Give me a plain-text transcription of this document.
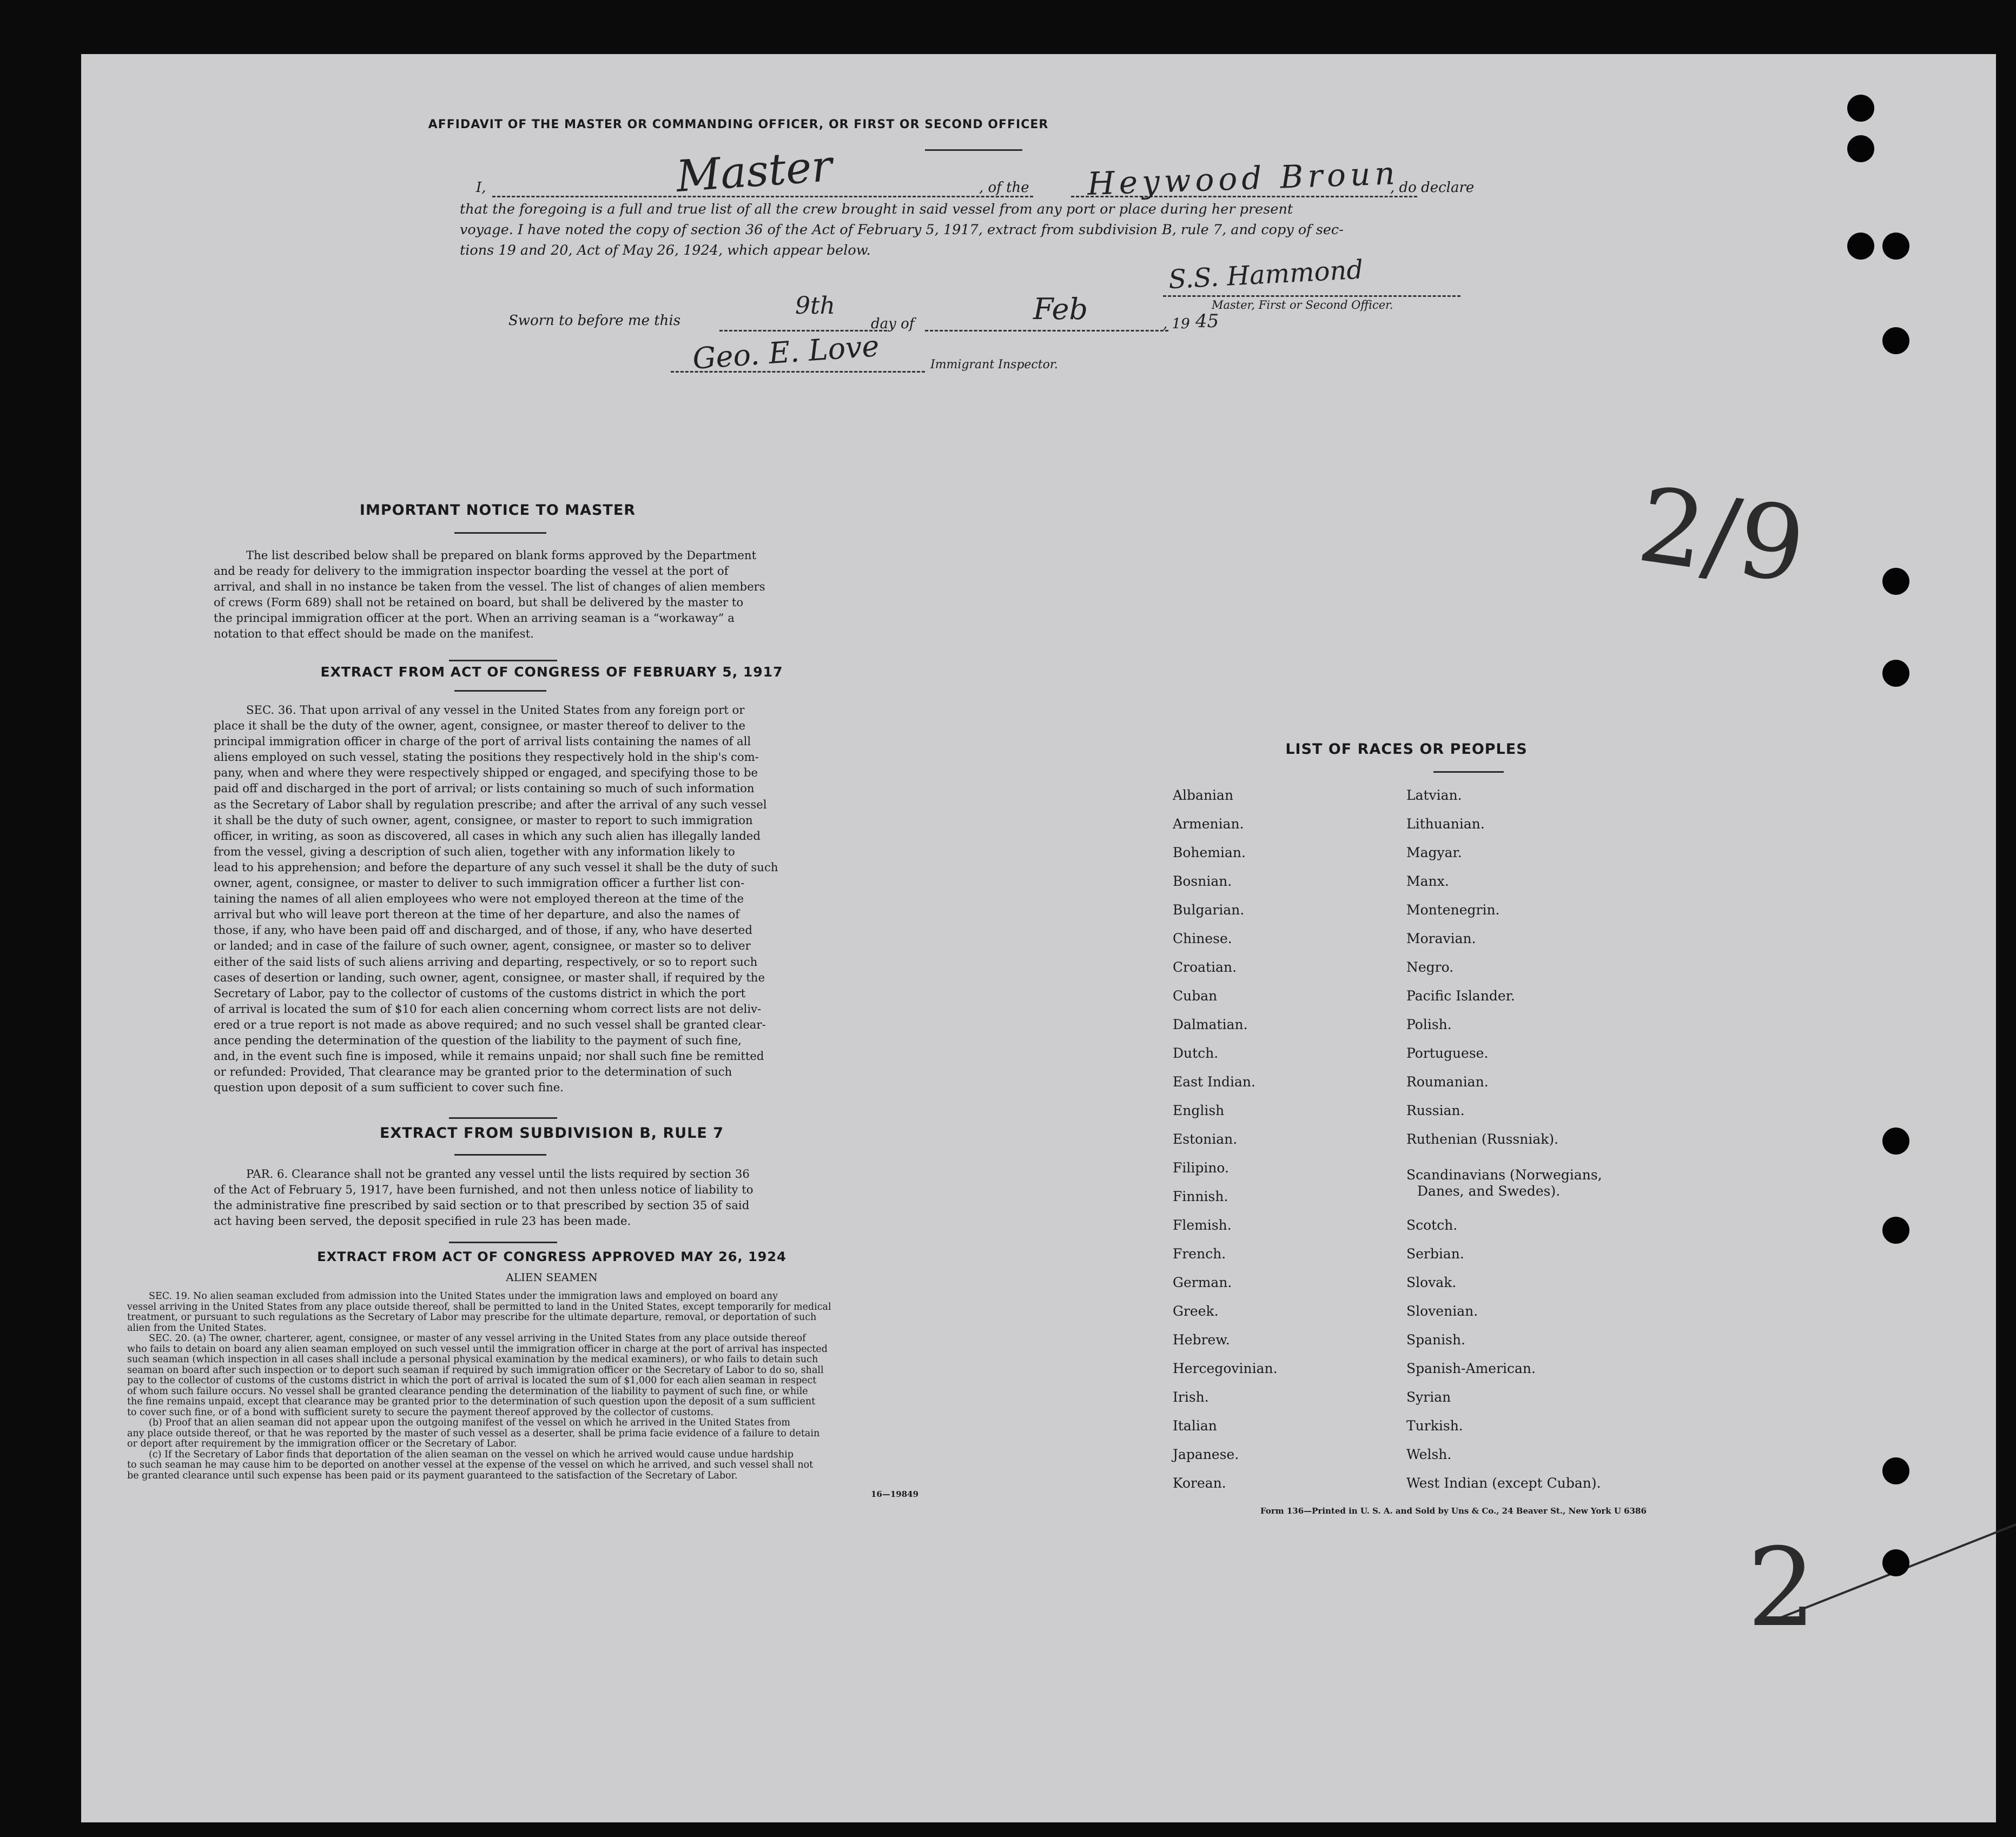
AFFIDAVIT OF THE MASTER OR COMMANDING OFFICER, OR FIRST OR SECOND OFFICER
I,	Master	, of the Heywood Broun
, do declare
that the foregoing is a full and true list of all the crew brought in said vessel from any port or place during her present
voyage. I have noted the copy of section 36 of the Act of February 5, 1917, extract from subdivision B, rule 7, and copy of sec-
tions 19 and 20, Act of May 26, 1924, which appear below.
S.S. Hammond
Master, First or Second Officer.
Sworn to before me this
9th
day of	Feb	, 19 45
Geo. E. Love	Immigrant Inspector.
IMPORTANT NOTICE TO MASTER

The list described below shall be prepared on blank forms approved by the Department

and be ready for delivery to the immigration inspector boarding the vessel at the port of

arrival, and shall in no instance be taken from the vessel. The list of changes of alien members

of crews (Form 689) shall not be retained on board, but shall be delivered by the master to

the principal immigration officer at the port. When an arriving seaman is a “workaway” a

notation to that effect should be made on the manifest.

EXTRACT FROM ACT OF CONGRESS OF FEBRUARY 5, 1917

SEC. 36. That upon arrival of any vessel in the United States from any foreign port or

place it shall be the duty of the owner, agent, consignee, or master thereof to deliver to the

principal immigration officer in charge of the port of arrival lists containing the names of all

aliens employed on such vessel, stating the positions they respectively hold in the ship's com-

pany, when and where they were respectively shipped or engaged, and specifying those to be

paid off and discharged in the port of arrival; or lists containing so much of such information

as the Secretary of Labor shall by regulation prescribe; and after the arrival of any such vessel

it shall be the duty of such owner, agent, consignee, or master to report to such immigration

officer, in writing, as soon as discovered, all cases in which any such alien has illegally landed

from the vessel, giving a description of such alien, together with any information likely to

lead to his apprehension; and before the departure of any such vessel it shall be the duty of such

owner, agent, consignee, or master to deliver to such immigration officer a further list con-

taining the names of all alien employees who were not employed thereon at the time of the

arrival but who will leave port thereon at the time of her departure, and also the names of

those, if any, who have been paid off and discharged, and of those, if any, who have deserted

or landed; and in case of the failure of such owner, agent, consignee, or master so to deliver

either of the said lists of such aliens arriving and departing, respectively, or so to report such

cases of desertion or landing, such owner, agent, consignee, or master shall, if required by the

Secretary of Labor, pay to the collector of customs of the customs district in which the port

of arrival is located the sum of $10 for each alien concerning whom correct lists are not deliv-

ered or a true report is not made as above required; and no such vessel shall be granted clear-

ance pending the determination of the question of the liability to the payment of such fine,

and, in the event such fine is imposed, while it remains unpaid; nor shall such fine be remitted

or refunded: Provided, That clearance may be granted prior to the determination of such

question upon deposit of a sum sufficient to cover such fine.

EXTRACT FROM SUBDIVISION B, RULE 7

PAR. 6. Clearance shall not be granted any vessel until the lists required by section 36

of the Act of February 5, 1917, have been furnished, and not then unless notice of liability to

the administrative fine prescribed by said section or to that prescribed by section 35 of said

act having been served, the deposit specified in rule 23 has been made.

EXTRACT FROM ACT OF CONGRESS APPROVED MAY 26, 1924
ALIEN SEAMEN

SEC. 19. No alien seaman excluded from admission into the United States under the immigration laws and employed on board any

vessel arriving in the United States from any place outside thereof, shall be permitted to land in the United States, except temporarily for medical

treatment, or pursuant to such regulations as the Secretary of Labor may prescribe for the ultimate departure, removal, or deportation of such

alien from the United States.

SEC. 20. (a) The owner, charterer, agent, consignee, or master of any vessel arriving in the United States from any place outside thereof

who fails to detain on board any alien seaman employed on such vessel until the immigration officer in charge at the port of arrival has inspected

such seaman (which inspection in all cases shall include a personal physical examination by the medical examiners), or who fails to detain such

seaman on board after such inspection or to deport such seaman if required by such immigration officer or the Secretary of Labor to do so, shall

pay to the collector of customs of the customs district in which the port of arrival is located the sum of $1,000 for each alien seaman in respect

of whom such failure occurs. No vessel shall be granted clearance pending the determination of the liability to payment of such fine, or while

the fine remains unpaid, except that clearance may be granted prior to the determination of such question upon the deposit of a sum sufficient

to cover such fine, or of a bond with sufficient surety to secure the payment thereof approved by the collector of customs.

(b) Proof that an alien seaman did not appear upon the outgoing manifest of the vessel on which he arrived in the United States from

any place outside thereof, or that he was reported by the master of such vessel as a deserter, shall be prima facie evidence of a failure to detain

or deport after requirement by the immigration officer or the Secretary of Labor.

(c) If the Secretary of Labor finds that deportation of the alien seaman on the vessel on which he arrived would cause undue hardship

to such seaman he may cause him to be deported on another vessel at the expense of the vessel on which he arrived, and such vessel shall not

be granted clearance until such expense has been paid or its payment guaranteed to the satisfaction of the Secretary of Labor.

16—19849
LIST OF RACES OR PEOPLES
Albanian
Armenian.
Bohemian.
Bosnian.
Bulgarian.
Chinese.
Croatian.
Cuban
Dalmatian.
Dutch.
East Indian.
English
Estonian.
Filipino.
Finnish.
Flemish.
French.
German.
Greek.
Hebrew.
Hercegovinian.
Irish.
Italian
Japanese.
Korean.
Latvian.
Lithuanian.
Magyar.
Manx.
Montenegrin.
Moravian.
Negro.
Pacific Islander.
Polish.
Portuguese.
Roumanian.
Russian.
Ruthenian (Russniak).
Scandinavians (Norwegians,
Danes, and Swedes).
Scotch.
Serbian.
Slovak.
Slovenian.
Spanish.
Spanish-American.
Syrian
Turkish.
Welsh.
West Indian (except Cuban).
Form 136—Printed in U. S. A. and Sold by Uns & Co., 24 Beaver St., New York U 6386
2/9
2
